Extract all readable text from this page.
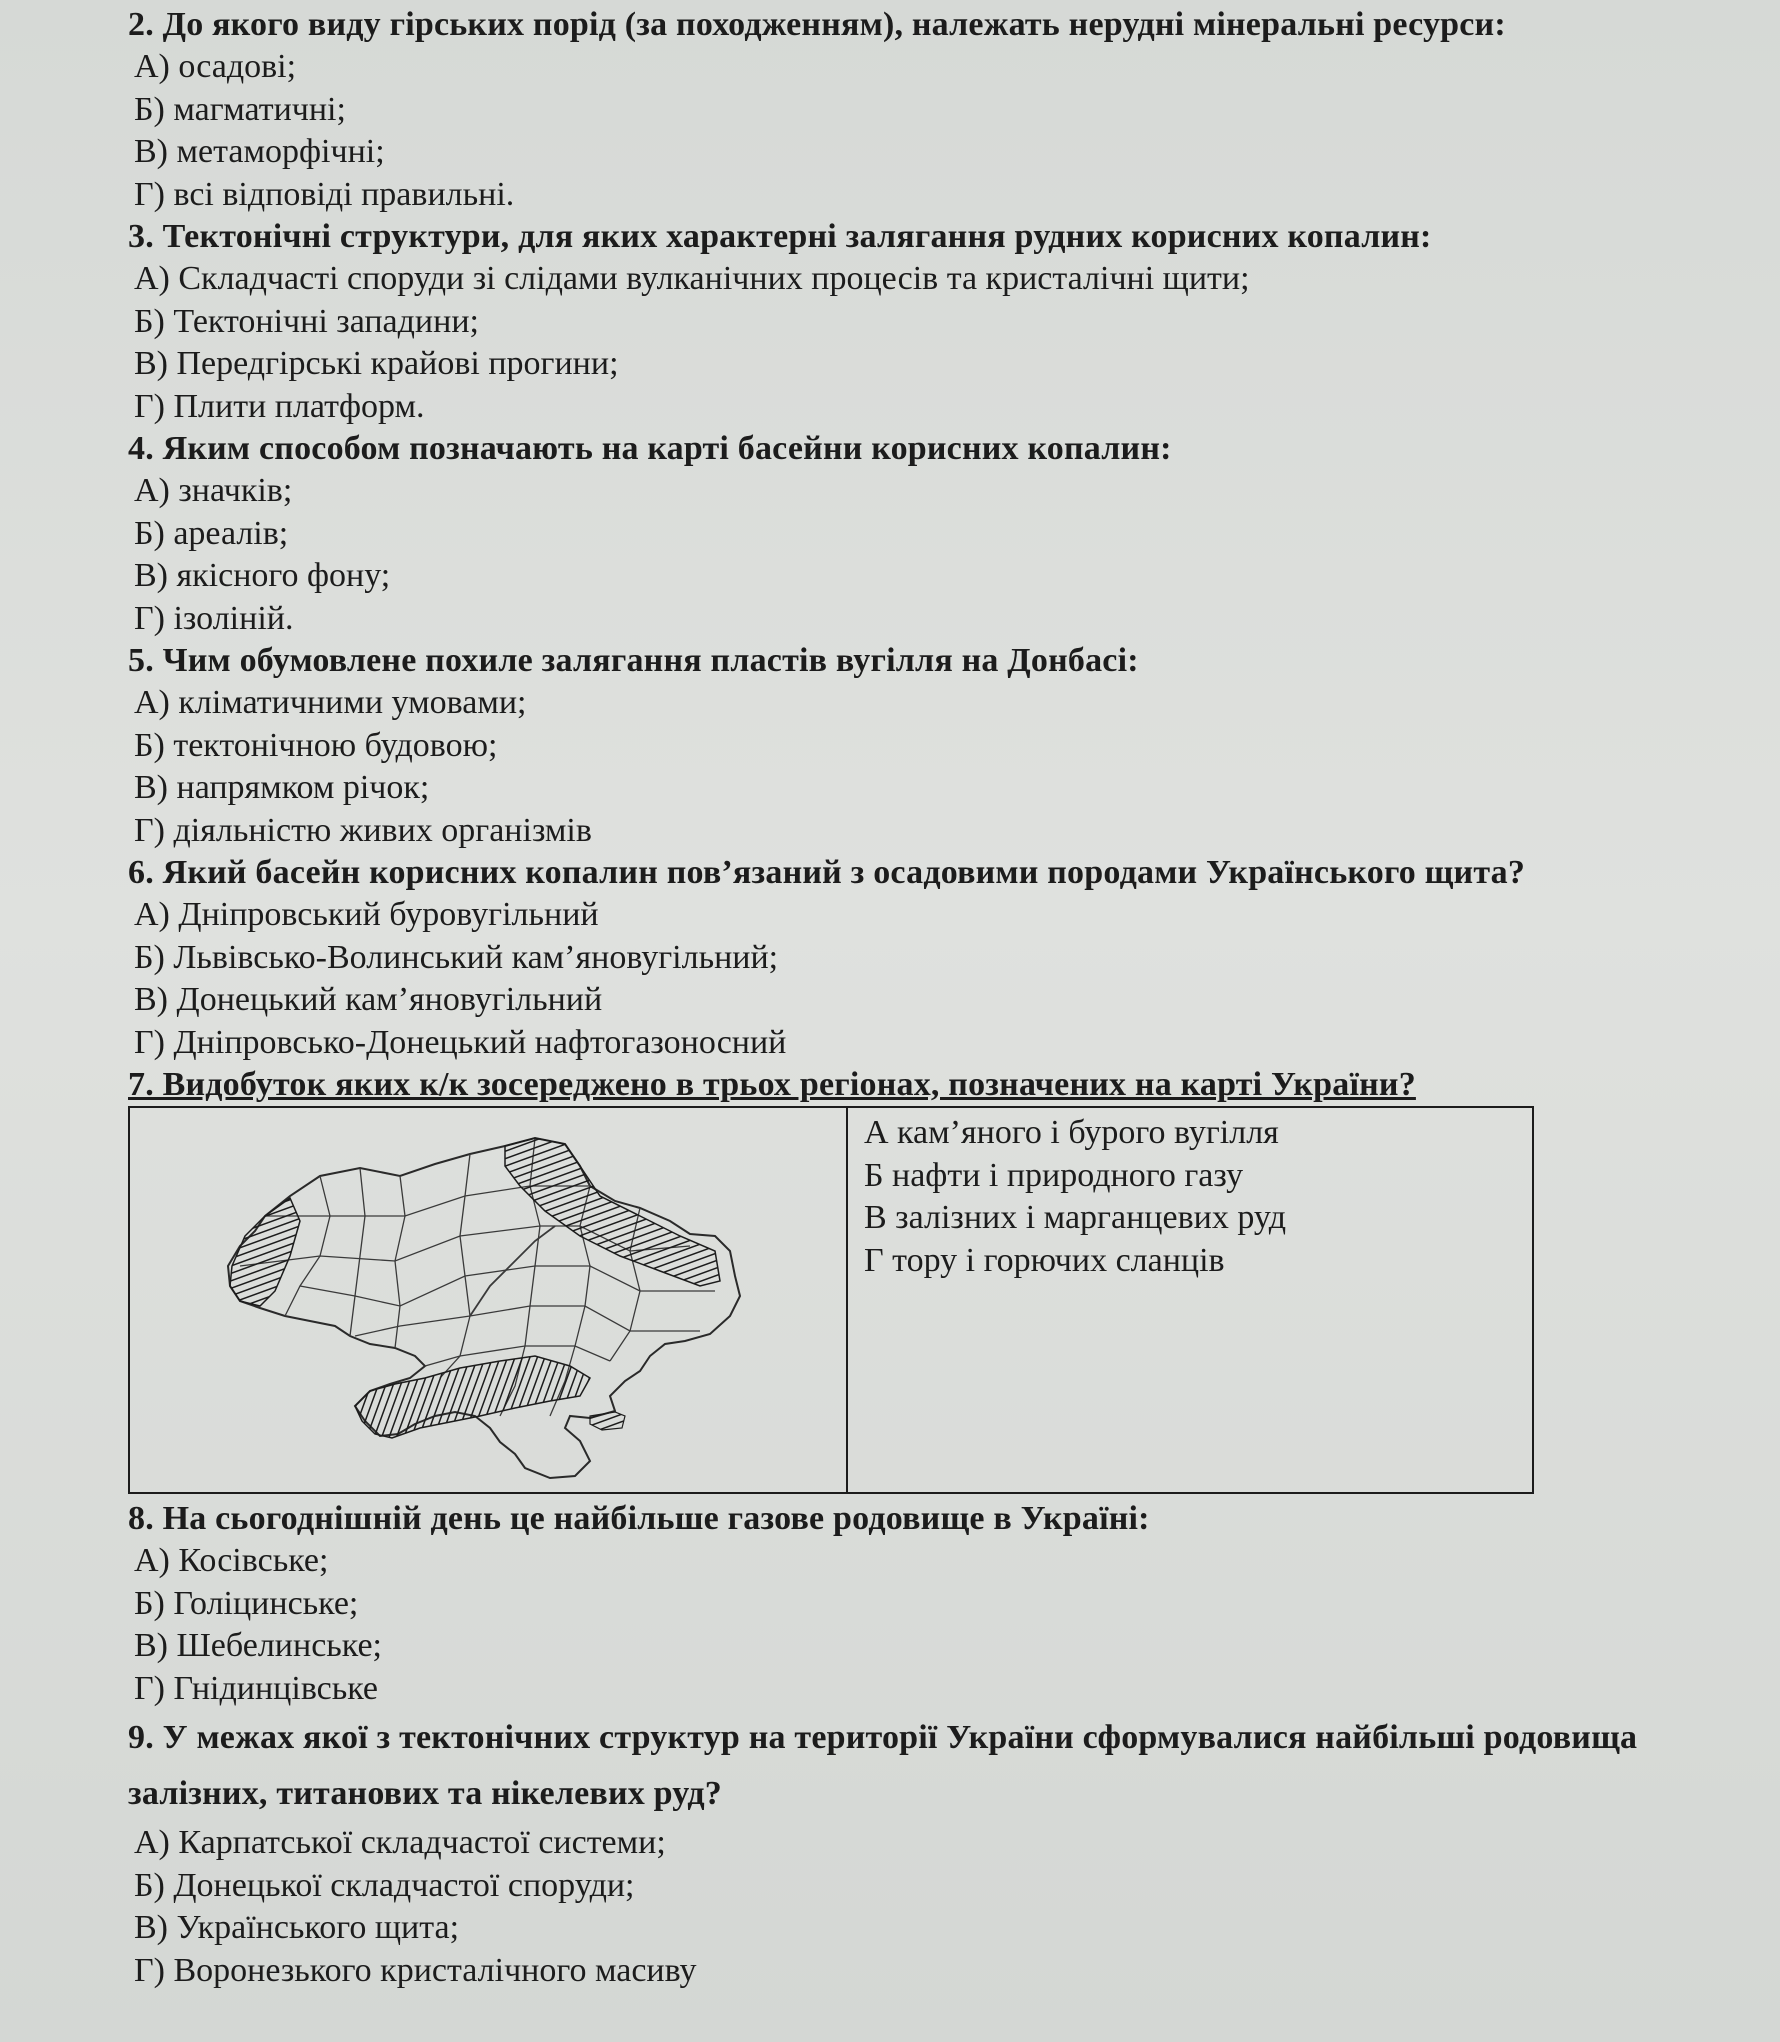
2. До якого виду гірських порід (за походженням), належать нерудні мінеральні ресурси:
А) осадові;
Б) магматичні;
В) метаморфічні;
Г) всі відповіді правильні.
3. Тектонічні структури, для яких характерні залягання рудних корисних копалин:
А) Складчасті споруди зі слідами вулканічних процесів та кристалічні щити;
Б) Тектонічні западини;
В) Передгірські крайові прогини;
Г) Плити платформ.
4. Яким способом позначають на карті басейни корисних копалин:
А) значків;
Б) ареалів;
В) якісного фону;
Г) ізоліній.
5. Чим обумовлене похиле залягання пластів вугілля на Донбасі:
А) кліматичними умовами;
Б) тектонічною будовою;
В) напрямком річок;
Г) діяльністю живих організмів
6. Який басейн корисних копалин пов’язаний з осадовими породами Українського щита?
А) Дніпровський буровугільний
Б) Львівсько-Волинський кам’яновугільний;
В) Донецький кам’яновугільний
Г) Дніпровсько-Донецький нафтогазоносний
7. Видобуток яких к/к зосереджено в трьох регіонах, позначених на карті України?
А кам’яного і бурого вугілля
Б нафти і природного газу
В залізних і марганцевих руд
Г тору і горючих сланців
8. На сьогоднішній день це найбільше газове родовище в Україні:
А) Косівське;
Б) Голіцинське;
В) Шебелинське;
Г) Гнідинцівське
9. У межах якої з тектонічних структур на території України сформувалися найбільші родовища залізних, титанових та нікелевих руд?
А) Карпатської складчастої системи;
Б) Донецької складчастої споруди;
В) Українського щита;
Г) Воронезького кристалічного масиву
